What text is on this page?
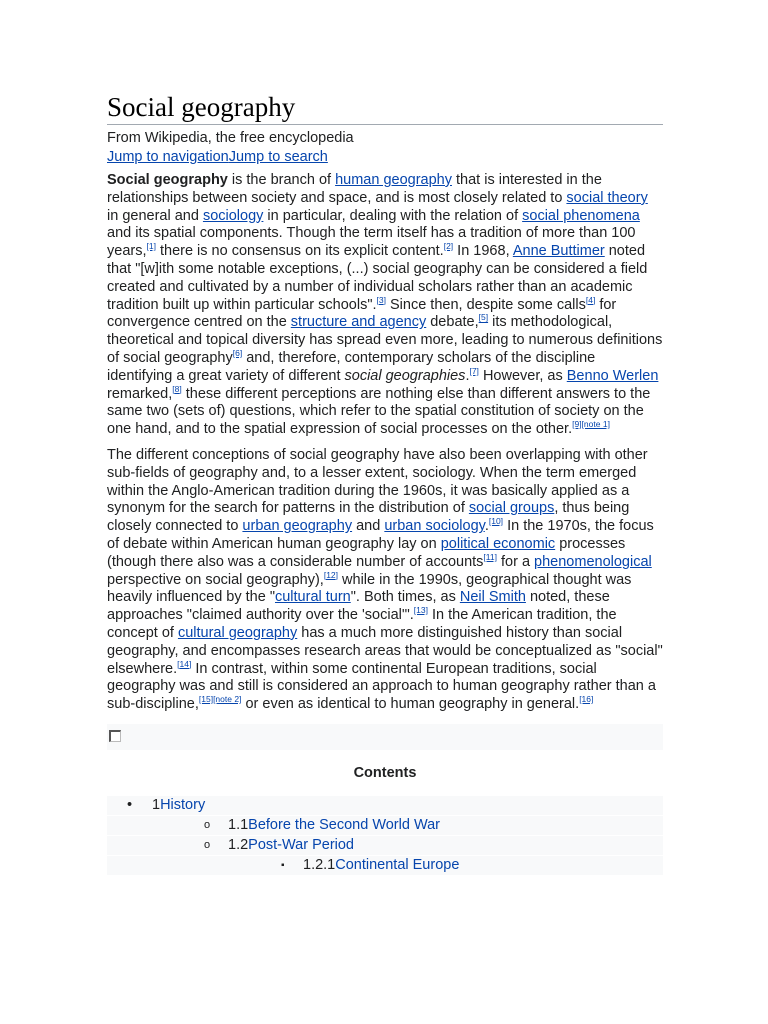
Social geography
From Wikipedia, the free encyclopedia
Jump to navigationJump to search

Social geography is the branch of human geography that is interested in the relationships between society and space, and is most closely related to social theory in general and sociology in particular, dealing with the relation of social phenomena and its spatial components. Though the term itself has a tradition of more than 100 years,[1] there is no consensus on its explicit content.[2] In 1968, Anne Buttimer noted that "[w]ith some notable exceptions, (...) social geography can be considered a field created and cultivated by a number of individual scholars rather than an academic tradition built up within particular schools".[3] Since then, despite some calls[4] for convergence centred on the structure and agency debate,[5] its methodological, theoretical and topical diversity has spread even more, leading to numerous definitions of social geography[6] and, therefore, contemporary scholars of the discipline identifying a great variety of different social geographies.[7] However, as Benno Werlen remarked,[8] these different perceptions are nothing else than different answers to the same two (sets of) questions, which refer to the spatial constitution of society on the one hand, and to the spatial expression of social processes on the other.[9][note 1]

The different conceptions of social geography have also been overlapping with other sub-fields of geography and, to a lesser extent, sociology. When the term emerged within the Anglo-American tradition during the 1960s, it was basically applied as a synonym for the search for patterns in the distribution of social groups, thus being closely connected to urban geography and urban sociology.[10] In the 1970s, the focus of debate within American human geography lay on political economic processes (though there also was a considerable number of accounts[11] for a phenomenological perspective on social geography),[12] while in the 1990s, geographical thought was heavily influenced by the "cultural turn". Both times, as Neil Smith noted, these approaches "claimed authority over the 'social'".[13] In the American tradition, the concept of cultural geography has a much more distinguished history than social geography, and encompasses research areas that would be conceptualized as "social" elsewhere.[14] In contrast, within some continental European traditions, social geography was and still is considered an approach to human geography rather than a sub-discipline,[15][note 2] or even as identical to human geography in general.[16]

Contents
• 1History
o 1.1Before the Second World War
o 1.2Post-War Period
▪ 1.2.1Continental Europe
